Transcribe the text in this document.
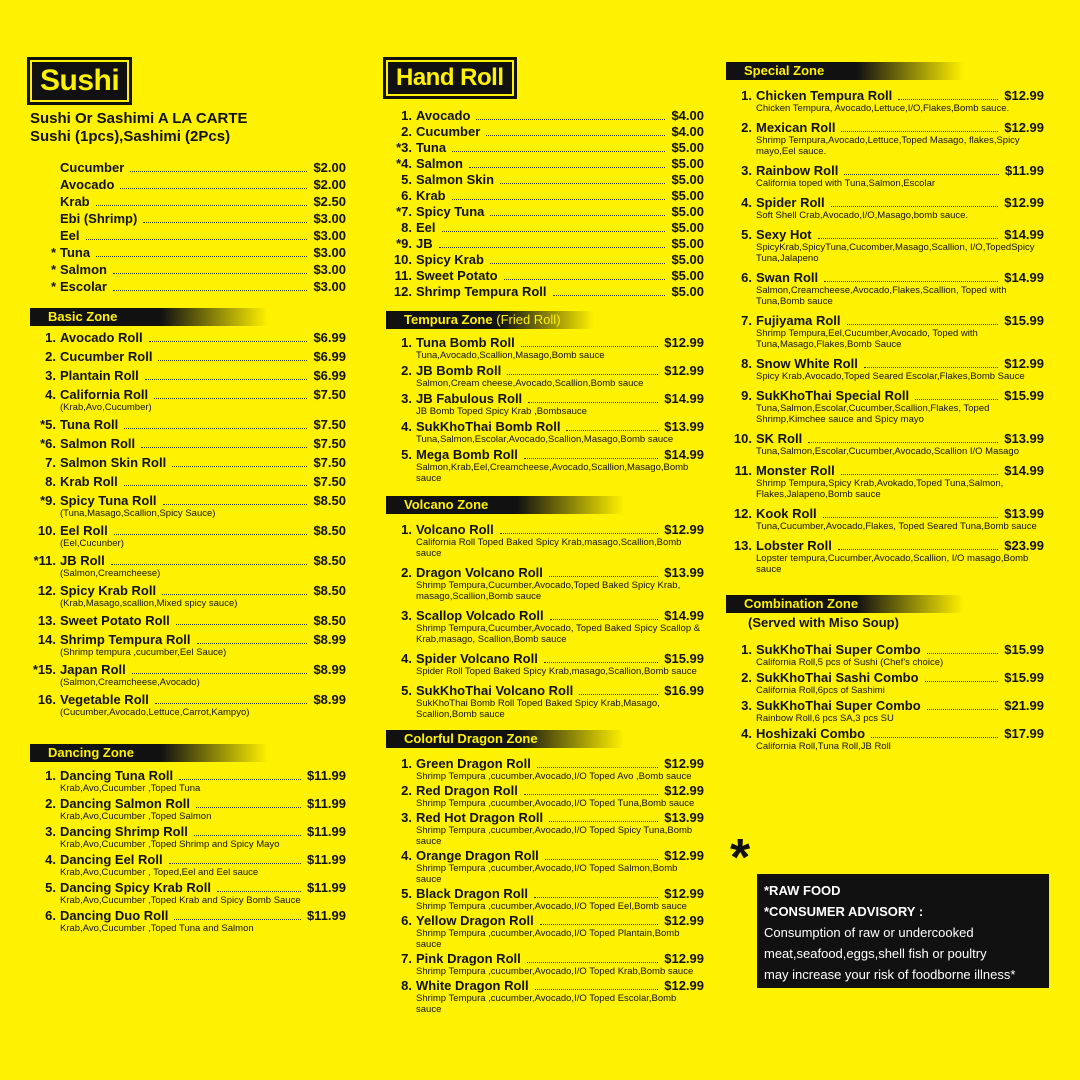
Sushi
Sushi Or Sashimi A LA CARTE
Sushi (1pcs),Sashimi (2Pcs)
Cucumber	$2.00
Avocado	$2.00
Krab	$2.50
Ebi (Shrimp)	$3.00
Eel	$3.00
* Tuna	$3.00
* Salmon	$3.00
* Escolar	$3.00
Basic Zone
1. Avocado Roll	$6.99
2. Cucumber Roll	$6.99
3. Plantain Roll	$6.99
4. California Roll	$7.50
(Krab,Avo,Cucumber)
*5. Tuna Roll	$7.50
*6. Salmon Roll	$7.50
7. Salmon Skin Roll	$7.50
8. Krab Roll	$7.50
*9. Spicy Tuna Roll	$8.50
(Tuna,Masago,Scallion,Spicy Sauce)
10. Eel Roll	$8.50
(Eel,Cucunber)
*11. JB Roll	$8.50
(Salmon,Creamcheese)
12. Spicy Krab Roll	$8.50
(Krab,Masago,scallion,Mixed spicy sauce)
13. Sweet Potato Roll	$8.50
14. Shrimp Tempura Roll	$8.99
(Shrimp tempura ,cucumber,Eel Sauce)
*15. Japan Roll	$8.99
(Salmon,Creamcheese,Avocado)
16. Vegetable Roll	$8.99
(Cucumber,Avocado,Lettuce,Carrot,Kampyo)
Dancing Zone
1. Dancing Tuna Roll	$11.99
Krab,Avo,Cucumber ,Toped Tuna
2. Dancing Salmon Roll	$11.99
Krab,Avo,Cucumber ,Toped Salmon
3. Dancing Shrimp Roll	$11.99
Krab,Avo,Cucumber ,Toped Shrimp and Spicy Mayo
4. Dancing Eel Roll	$11.99
Krab,Avo,Cucumber , Toped,Eel and Eel sauce
5. Dancing Spicy Krab Roll	$11.99
Krab,Avo,Cucumber ,Toped Krab and Spicy Bomb Sauce
6. Dancing Duo Roll	$11.99
Krab,Avo,Cucumber ,Toped Tuna and Salmon
Hand Roll
1. Avocado	$4.00
2. Cucumber	$4.00
*3. Tuna	$5.00
*4. Salmon	$5.00
5. Salmon Skin	$5.00
6. Krab	$5.00
*7. Spicy Tuna	$5.00
8. Eel	$5.00
*9. JB	$5.00
10. Spicy Krab	$5.00
11. Sweet Potato	$5.00
12. Shrimp Tempura Roll	$5.00
Tempura Zone (Fried Roll)
1. Tuna Bomb Roll	$12.99
Tuna,Avocado,Scallion,Masago,Bomb sauce
2. JB Bomb Roll	$12.99
Salmon,Cream cheese,Avocado,Scallion,Bomb sauce
3. JB Fabulous Roll	$14.99
JB Bomb Toped Spicy Krab ,Bombsauce
4. SukKhoThai Bomb Roll	$13.99
Tuna,Salmon,Escolar,Avocado,Scallion,Masago,Bomb sauce
5. Mega Bomb Roll	$14.99
Salmon,Krab,Eel,Creamcheese,Avocado,Scallion,Masago,Bomb sauce
Volcano Zone
1. Volcano Roll	$12.99
California Roll Toped Baked Spicy Krab,masago,Scallion,Bomb sauce
2. Dragon Volcano Roll	$13.99
Shrimp Tempura,Cucumber,Avocado,Toped Baked Spicy Krab, masago,Scallion,Bomb sauce
3. Scallop Volcado Roll	$14.99
Shrimp Tempura,Cucumber,Avocado, Toped Baked Spicy Scallop & Krab,masago, Scallion,Bomb sauce
4. Spider Volcano Roll	$15.99
Spider Roll Toped Baked Spicy Krab,masago,Scallion,Bomb sauce
5. SukKhoThai Volcano Roll	$16.99
SukKhoThai Bomb Roll Toped Baked Spicy Krab,Masago, Scallion,Bomb sauce
Colorful Dragon Zone
1. Green Dragon Roll	$12.99
Shrimp Tempura ,cucumber,Avocado,I/O Toped Avo ,Bomb sauce
2. Red Dragon Roll	$12.99
Shrimp Tempura ,cucumber,Avocado,I/O Toped Tuna,Bomb sauce
3. Red Hot Dragon Roll	$13.99
Shrimp Tempura ,cucumber,Avocado,I/O Toped Spicy Tuna,Bomb sauce
4. Orange Dragon Roll	$12.99
Shrimp Tempura ,cucumber,Avocado,I/O Toped Salmon,Bomb sauce
5. Black Dragon Roll	$12.99
Shrimp Tempura ,cucumber,Avocado,I/O Toped Eel,Bomb sauce
6. Yellow Dragon Roll	$12.99
Shrimp Tempura ,cucumber,Avocado,I/O Toped Plantain,Bomb sauce
7. Pink Dragon Roll	$12.99
Shrimp Tempura ,cucumber,Avocado,I/O Toped Krab,Bomb sauce
8. White Dragon Roll	$12.99
Shrimp Tempura ,cucumber,Avocado,I/O Toped Escolar,Bomb sauce
Special Zone
1. Chicken Tempura Roll	$12.99
Chicken Tempura, Avocado,Lettuce,I/O,Flakes,Bomb sauce.
2. Mexican Roll	$12.99
Shrimp Tempura,Avocado,Lettuce,Toped Masago, flakes,Spicy mayo,Eel sauce.
3. Rainbow Roll	$11.99
California toped with Tuna,Salmon,Escolar
4. Spider Roll	$12.99
Soft Shell Crab,Avocado,I/O,Masago,bomb sauce.
5. Sexy Hot	$14.99
SpicyKrab,SpicyTuna,Cucomber,Masago,Scallion, I/O,TopedSpicy Tuna,Jalapeno
6. Swan Roll	$14.99
Salmon,Creamcheese,Avocado,Flakes,Scallion, Toped with Tuna,Bomb sauce
7. Fujiyama Roll	$15.99
Shrimp Tempura,Eel,Cucumber,Avocado, Toped with Tuna,Masago,Flakes,Bomb Sauce
8. Snow White Roll	$12.99
Spicy Krab,Avocado,Toped Seared Escolar,Flakes,Bomb Sauce
9. SukKhoThai Special Roll	$15.99
Tuna,Salmon,Escolar,Cucumber,Scallion,Flakes, Toped Shrimp,Kimchee sauce and Spicy mayo
10. SK Roll	$13.99
Tuna,Salmon,Escolar,Cucumber,Avocado,Scallion I/O Masago
11. Monster Roll	$14.99
Shrimp Tempura,Spicy Krab,Avokado,Toped Tuna,Salmon, Flakes,Jalapeno,Bomb sauce
12. Kook Roll	$13.99
Tuna,Cucumber,Avocado,Flakes, Toped Seared Tuna,Bomb sauce
13. Lobster Roll	$23.99
Lopster tempura,Cucumber,Avocado,Scallion, I/O masago,Bomb sauce
Combination Zone
(Served with Miso Soup)
1. SukKhoThai Super Combo	$15.99
California Roll,5 pcs of Sushi (Chef's choice)
2. SukKhoThai Sashi Combo	$15.99
California Roll,6pcs of Sashimi
3. SukKhoThai Super Combo	$21.99
Rainbow Roll,6 pcs SA,3 pcs SU
4. Hoshizaki Combo	$17.99
California Roll,Tuna Roll,JB Roll
*
*RAW FOOD
*CONSUMER ADVISORY :
Consumption of raw or undercooked
meat,seafood,eggs,shell fish or poultry
may increase your risk of foodborne illness*
